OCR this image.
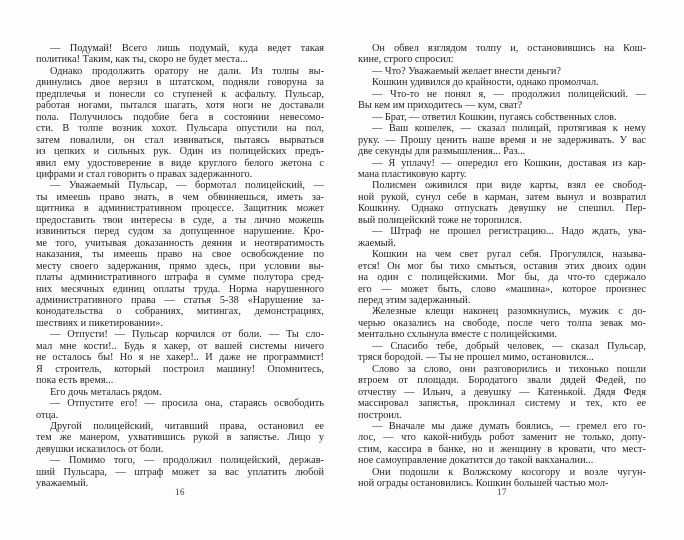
— Подумай! Всего лишь подумай, куда ведет такая
политика! Таким, как ты, скоро не будет места...

Однако продолжить оратору не дали. Из толпы вы-
двинулись двое верзил в штатском, подняли говоруна за
предплечья и понесли со ступеней к асфальту. Пульсар,
работая ногами, пытался шагать, хотя ноги не доставали
пола. Получилось подобие бега в состоянии невесомо-
сти. В толпе возник хохот. Пульсара опустили на пол,
затем повалили, он стал извиваться, пытаясь вырваться
из цепких и сильных рук. Один из полицейских предъ-
явил ему удостоверение в виде круглого белого жетона с
цифрами и стал говорить о правах задержанного.

— Уважаемый Пульсар, — бормотал полицейский, —
ты имеешь право знать, в чем обвиняешься, иметь за-
щитника в административном процессе. Защитник может
предоставить твои интересы в суде, а ты лично можешь
извиниться перед судом за допущенное нарушение. Кро-
ме того, учитывая доказанность деяния и неотвратимость
наказания, ты имеешь право на свое освобождение по
месту своего задержания, прямо здесь, при условии вы-
платы административного штрафа в сумме полутора сред-
них месячных единиц оплаты труда. Норма нарушенного
административного права — статья 5-38 «Нарушение за-
конодательства о собраниях, митингах, демонстрациях,
шествиях и пикетировании».

— Отпусти! — Пульсар корчился от боли. — Ты сло-
мал мне кости!.. Будь я хакер, от вашей системы ничего
не осталось бы! Но я не хакер!.. И даже не программист!
Я строитель, который построил машину! Опомнитесь,
пока есть время...

Его дочь металась рядом.

— Отпустите его! — просила она, стараясь освободить
отца.

Другой полицейский, читавший права, остановил ее
тем же манером, ухватившись рукой в запястье. Лицо у
девушки исказилось от боли.

— Помимо того, — продолжил полицейский, держав-
ший Пульсара, — штраф может за вас уплатить любой
уважаемый.

16

Он обвел взглядом толпу и, остановившись на Кош-
кине, строго спросил:

— Что? Уважаемый желает внести деньги?

Кошкин удивился до крайности, однако промолчал.

— Что-то не понял я, — продолжил полицейский. —
Вы кем им приходитесь — кум, сват?

— Брат, — ответил Кошкин, пугаясь собственных слов.

— Ваш кошелек, — сказал полицай, протягивая к нему
руку. — Прошу ценить наше время и не задерживать. У вас
две секунды для размышления... Раз...

— Я уплачу! — опередил его Кошкин, доставая из кар-
мана пластиковую карту.

Полисмен оживился при виде карты, взял ее свобод-
ной рукой, сунул себе в карман, затем вынул и возвратил
Кошкину. Однако отпускать девушку не спешил. Пер-
вый полицейский тоже не торопился.

— Штраф не прошел регистрацию... Надо ждать, ува-
жаемый.

Кошкин на чем свет ругал себя. Прогулялся, называ-
ется! Он мог бы тихо смыться, оставив этих двоих один
на один с полицейскими. Мог бы, да что-то сдержало
его — может быть, слово «машина», которое произнес
перед этим задержанный.

Железные клещи наконец разомкнулись, мужик с до-
черью оказались на свободе, после чего толпа зевак мо-
ментально схлынула вместе с полицейскими.

— Спасибо тебе, добрый человек, — сказал Пульсар,
тряся бородой. — Ты не прошел мимо, остановился...

Слово за слово, они разговорились и тихонько пошли
втроем от площади. Бородатого звали дядей Федей, по
отчеству — Ильич, а девушку — Катенькой. Дядя Федя
массировал запястья, проклинал систему и тех, кто ее
построил.

— Вначале мы даже думать боялись, — гремел его го-
лос, — что какой-нибудь робот заменит не только, допу-
стим, кассира в банке, но и женщину в кровати, что мест-
ное самоуправление докатится до такой вакханалии...

Они подошли к Волжскому косогору и возле чугун-
ной ограды остановились. Кошкин большей частью мол-

17
